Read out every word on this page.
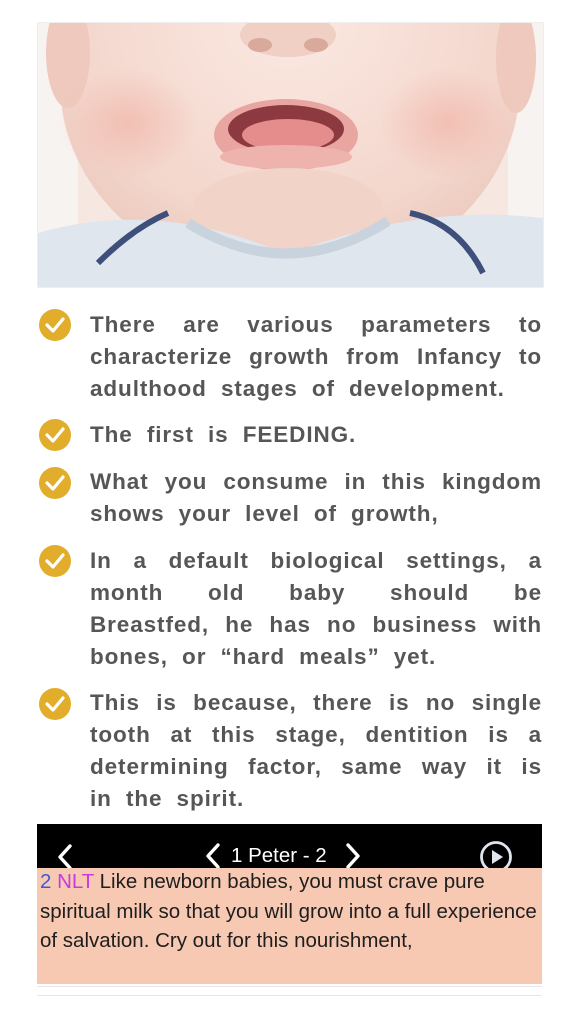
There are various parameters to characterize growth from Infancy to adulthood stages of development.
The first is FEEDING.
What you consume in this kingdom shows your level of growth,
In a default biological settings, a month old baby should be Breastfed, he has no business with bones, or “hard meals” yet.
This is because, there is no single tooth at this stage, dentition is a determining factor, same way it is in the spirit.
1 Peter - 2
2 NLT Like newborn babies, you must crave pure spiritual milk so that you will grow into a full experience of salvation. Cry out for this nourishment,
